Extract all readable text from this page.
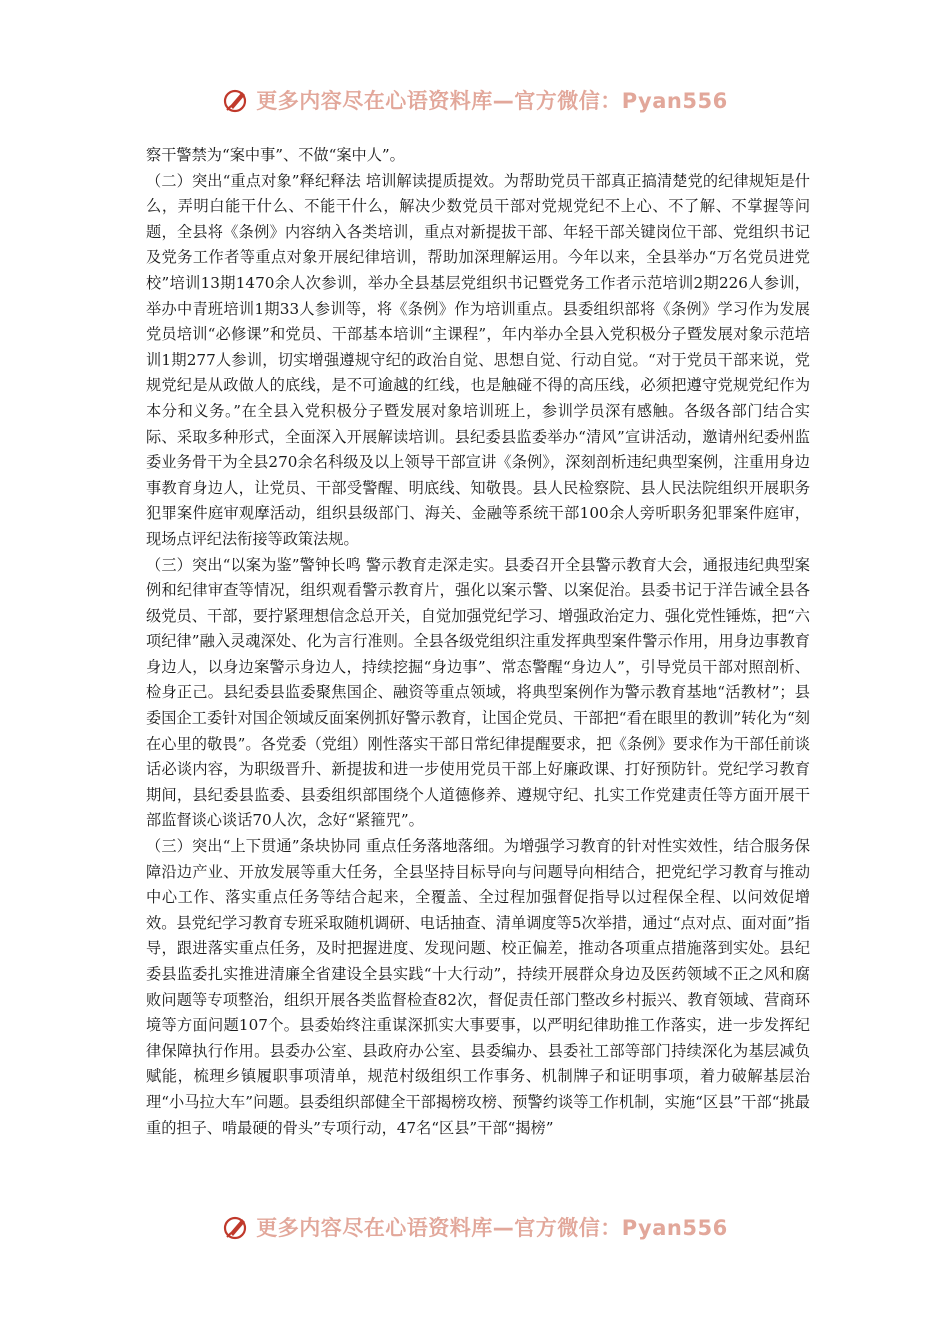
更多内容尽在心语资料库—官方微信：Pyan556

察干警禁为“案中事”、不做“案中人”。

（二）突出“重点对象”释纪释法 培训解读提质提效。为帮助党员干部真正搞清楚党的纪律规矩是什么，弄明白能干什么、不能干什么，解决少数党员干部对党规党纪不上心、不了解、不掌握等问题，全县将《条例》内容纳入各类培训，重点对新提拔干部、年轻干部关键岗位干部、党组织书记及党务工作者等重点对象开展纪律培训，帮助加深理解运用。今年以来，全县举办“万名党员进党校”培训13期1470余人次参训，举办全县基层党组织书记暨党务工作者示范培训2期226人参训，举办中青班培训1期33人参训等，将《条例》作为培训重点。县委组织部将《条例》学习作为发展党员培训“必修课”和党员、干部基本培训“主课程”，年内举办全县入党积极分子暨发展对象示范培训1期277人参训，切实增强遵规守纪的政治自觉、思想自觉、行动自觉。“对于党员干部来说，党规党纪是从政做人的底线，是不可逾越的红线，也是触碰不得的高压线，必须把遵守党规党纪作为本分和义务。”在全县入党积极分子暨发展对象培训班上，参训学员深有感触。各级各部门结合实际、采取多种形式，全面深入开展解读培训。县纪委县监委举办“清风”宣讲活动，邀请州纪委州监委业务骨干为全县270余名科级及以上领导干部宣讲《条例》，深刻剖析违纪典型案例，注重用身边事教育身边人，让党员、干部受警醒、明底线、知敬畏。县人民检察院、县人民法院组织开展职务犯罪案件庭审观摩活动，组织县级部门、海关、金融等系统干部100余人旁听职务犯罪案件庭审，现场点评纪法衔接等政策法规。

（三）突出“以案为鉴”警钟长鸣 警示教育走深走实。县委召开全县警示教育大会，通报违纪典型案例和纪律审查等情况，组织观看警示教育片，强化以案示警、以案促治。县委书记于洋告诫全县各级党员、干部，要拧紧理想信念总开关，自觉加强党纪学习、增强政治定力、强化党性锤炼，把“六项纪律”融入灵魂深处、化为言行准则。全县各级党组织注重发挥典型案件警示作用，用身边事教育身边人，以身边案警示身边人，持续挖掘“身边事”、常态警醒“身边人”，引导党员干部对照剖析、检身正己。县纪委县监委聚焦国企、融资等重点领域，将典型案例作为警示教育基地“活教材”；县委国企工委针对国企领域反面案例抓好警示教育，让国企党员、干部把“看在眼里的教训”转化为“刻在心里的敬畏”。各党委（党组）刚性落实干部日常纪律提醒要求，把《条例》要求作为干部任前谈话必谈内容，为职级晋升、新提拔和进一步使用党员干部上好廉政课、打好预防针。党纪学习教育期间，县纪委县监委、县委组织部围绕个人道德修养、遵规守纪、扎实工作党建责任等方面开展干部监督谈心谈话70人次，念好“紧箍咒”。

（三）突出“上下贯通”条块协同 重点任务落地落细。为增强学习教育的针对性实效性，结合服务保障沿边产业、开放发展等重大任务，全县坚持目标导向与问题导向相结合，把党纪学习教育与推动中心工作、落实重点任务等结合起来，全覆盖、全过程加强督促指导以过程保全程、以问效促增效。县党纪学习教育专班采取随机调研、电话抽查、清单调度等5次举措，通过“点对点、面对面”指导，跟进落实重点任务，及时把握进度、发现问题、校正偏差，推动各项重点措施落到实处。县纪委县监委扎实推进清廉全省建设全县实践“十大行动”，持续开展群众身边及医药领域不正之风和腐败问题等专项整治，组织开展各类监督检查82次，督促责任部门整改乡村振兴、教育领域、营商环境等方面问题107个。县委始终注重谋深抓实大事要事，以严明纪律助推工作落实，进一步发挥纪律保障执行作用。县委办公室、县政府办公室、县委编办、县委社工部等部门持续深化为基层减负赋能，梳理乡镇履职事项清单，规范村级组织工作事务、机制牌子和证明事项，着力破解基层治理“小马拉大车”问题。县委组织部健全干部揭榜攻榜、预警约谈等工作机制，实施“区县”干部“挑最重的担子、啃最硬的骨头”专项行动，47名“区县”干部“揭榜”

更多内容尽在心语资料库—官方微信：Pyan556
